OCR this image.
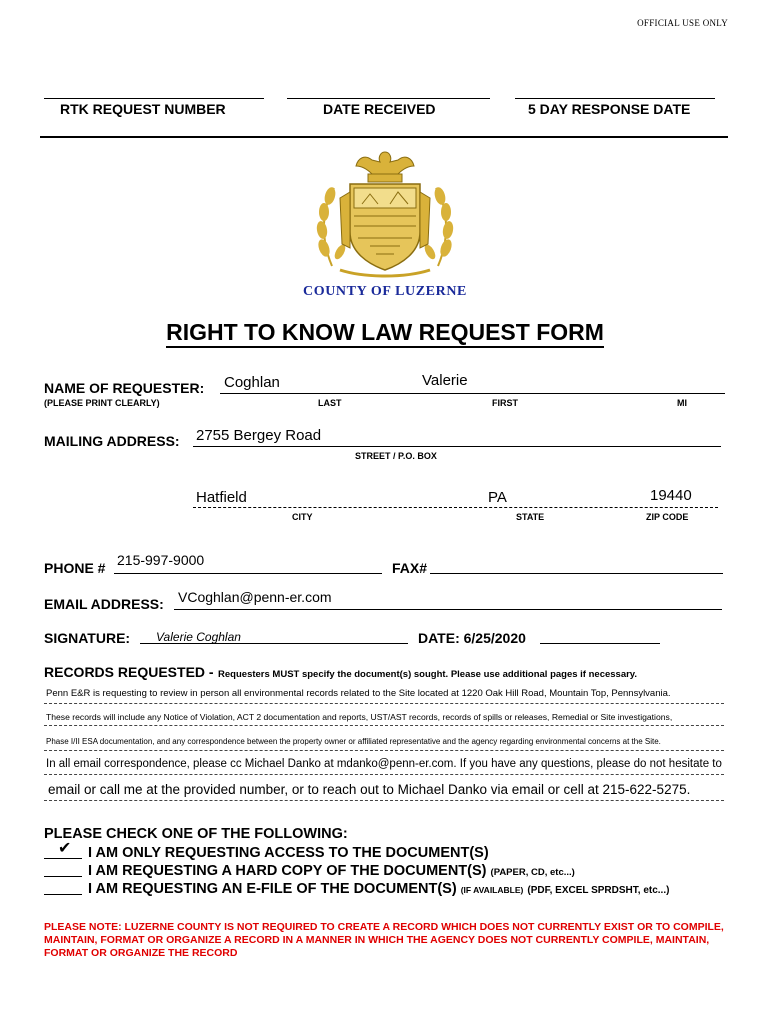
OFFICIAL USE ONLY
RTK REQUEST NUMBER	DATE RECEIVED	5 DAY RESPONSE DATE
COUNTY OF LUZERNE
RIGHT TO KNOW LAW REQUEST FORM
NAME OF REQUESTER: Coghlan	Valerie
(PLEASE PRINT CLEARLY)	LAST	FIRST	MI
MAILING ADDRESS: 2755 Bergey Road
STREET / P.O. BOX
Hatfield	PA	19440
CITY	STATE	ZIP CODE
PHONE # 215-997-9000	FAX#
EMAIL ADDRESS: VCoghlan@penn-er.com
SIGNATURE: Valerie Coghlan	DATE: 6/25/2020
RECORDS REQUESTED - Requesters MUST specify the document(s) sought. Please use additional pages if necessary.
Penn E&R is requesting to review in person all environmental records related to the Site located at 1220 Oak Hill Road, Mountain Top, Pennsylvania.
These records will include any Notice of Violation, ACT 2 documentation and reports, UST/AST records, records of spills or releases, Remedial or Site investigations,
Phase I/II ESA documentation, and any correspondence between the property owner or affiliated representative and the agency regarding environmental concerns at the Site.
In all email correspondence, please cc Michael Danko at mdanko@penn-er.com. If you have any questions, please do not hesitate to
email or call me at the provided number, or to reach out to Michael Danko via email or cell at 215-622-5275.
PLEASE CHECK ONE OF THE FOLLOWING:
✔ I AM ONLY REQUESTING ACCESS TO THE DOCUMENT(S)
I AM REQUESTING A HARD COPY OF THE DOCUMENT(S) (PAPER, CD, etc...)
I AM REQUESTING AN E-FILE OF THE DOCUMENT(S) (IF AVAILABLE) (PDF, EXCEL SPRDSHT, etc...)
PLEASE NOTE: LUZERNE COUNTY IS NOT REQUIRED TO CREATE A RECORD WHICH DOES NOT CURRENTLY EXIST OR TO COMPILE, MAINTAIN, FORMAT OR ORGANIZE A RECORD IN A MANNER IN WHICH THE AGENCY DOES NOT CURRENTLY COMPILE, MAINTAIN, FORMAT OR ORGANIZE THE RECORD
